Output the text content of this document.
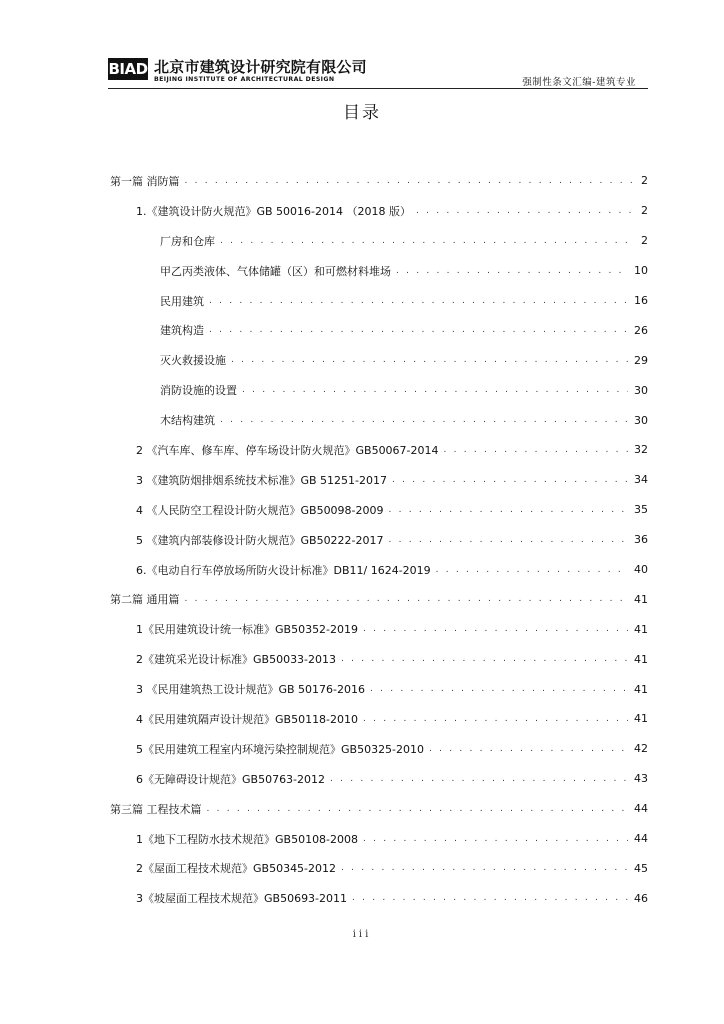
BIAD 北京市建筑设计研究院有限公司
BEIJING INSTITUTE OF ARCHITECTURAL DESIGN	强制性条文汇编-建筑专业
目录
第一篇 消防篇 . . .	2
1.《建筑设计防火规范》GB 50016-2014 （2018 版） . . .	2
厂房和仓库 . . .	2
甲乙丙类液体、气体储罐（区）和可燃材料堆场 . . .	10
民用建筑 . . .	16
建筑构造 . . .	26
灭火救援设施 . . .	29
消防设施的设置 . . .	30
木结构建筑 . . .	30
2 《汽车库、修车库、停车场设计防火规范》GB50067-2014 . . .	32
3 《建筑防烟排烟系统技术标准》GB 51251-2017 . . .	34
4 《人民防空工程设计防火规范》GB50098-2009 . . .	35
5 《建筑内部装修设计防火规范》GB50222-2017 . . .	36
6.《电动自行车停放场所防火设计标准》DB11/ 1624-2019 . . .	40
第二篇 通用篇 . . .	41
1《民用建筑设计统一标准》GB50352-2019 . . .	41
2《建筑采光设计标准》GB50033-2013 . . .	41
3 《民用建筑热工设计规范》GB 50176-2016 . . .	41
4《民用建筑隔声设计规范》GB50118-2010 . . .	41
5《民用建筑工程室内环境污染控制规范》GB50325-2010 . . .	42
6《无障碍设计规范》GB50763-2012 . . .	43
第三篇 工程技术篇 . . .	44
1《地下工程防水技术规范》GB50108-2008 . . .	44
2《屋面工程技术规范》GB50345-2012 . . .	45
3《坡屋面工程技术规范》GB50693-2011 . . .	46
iii
